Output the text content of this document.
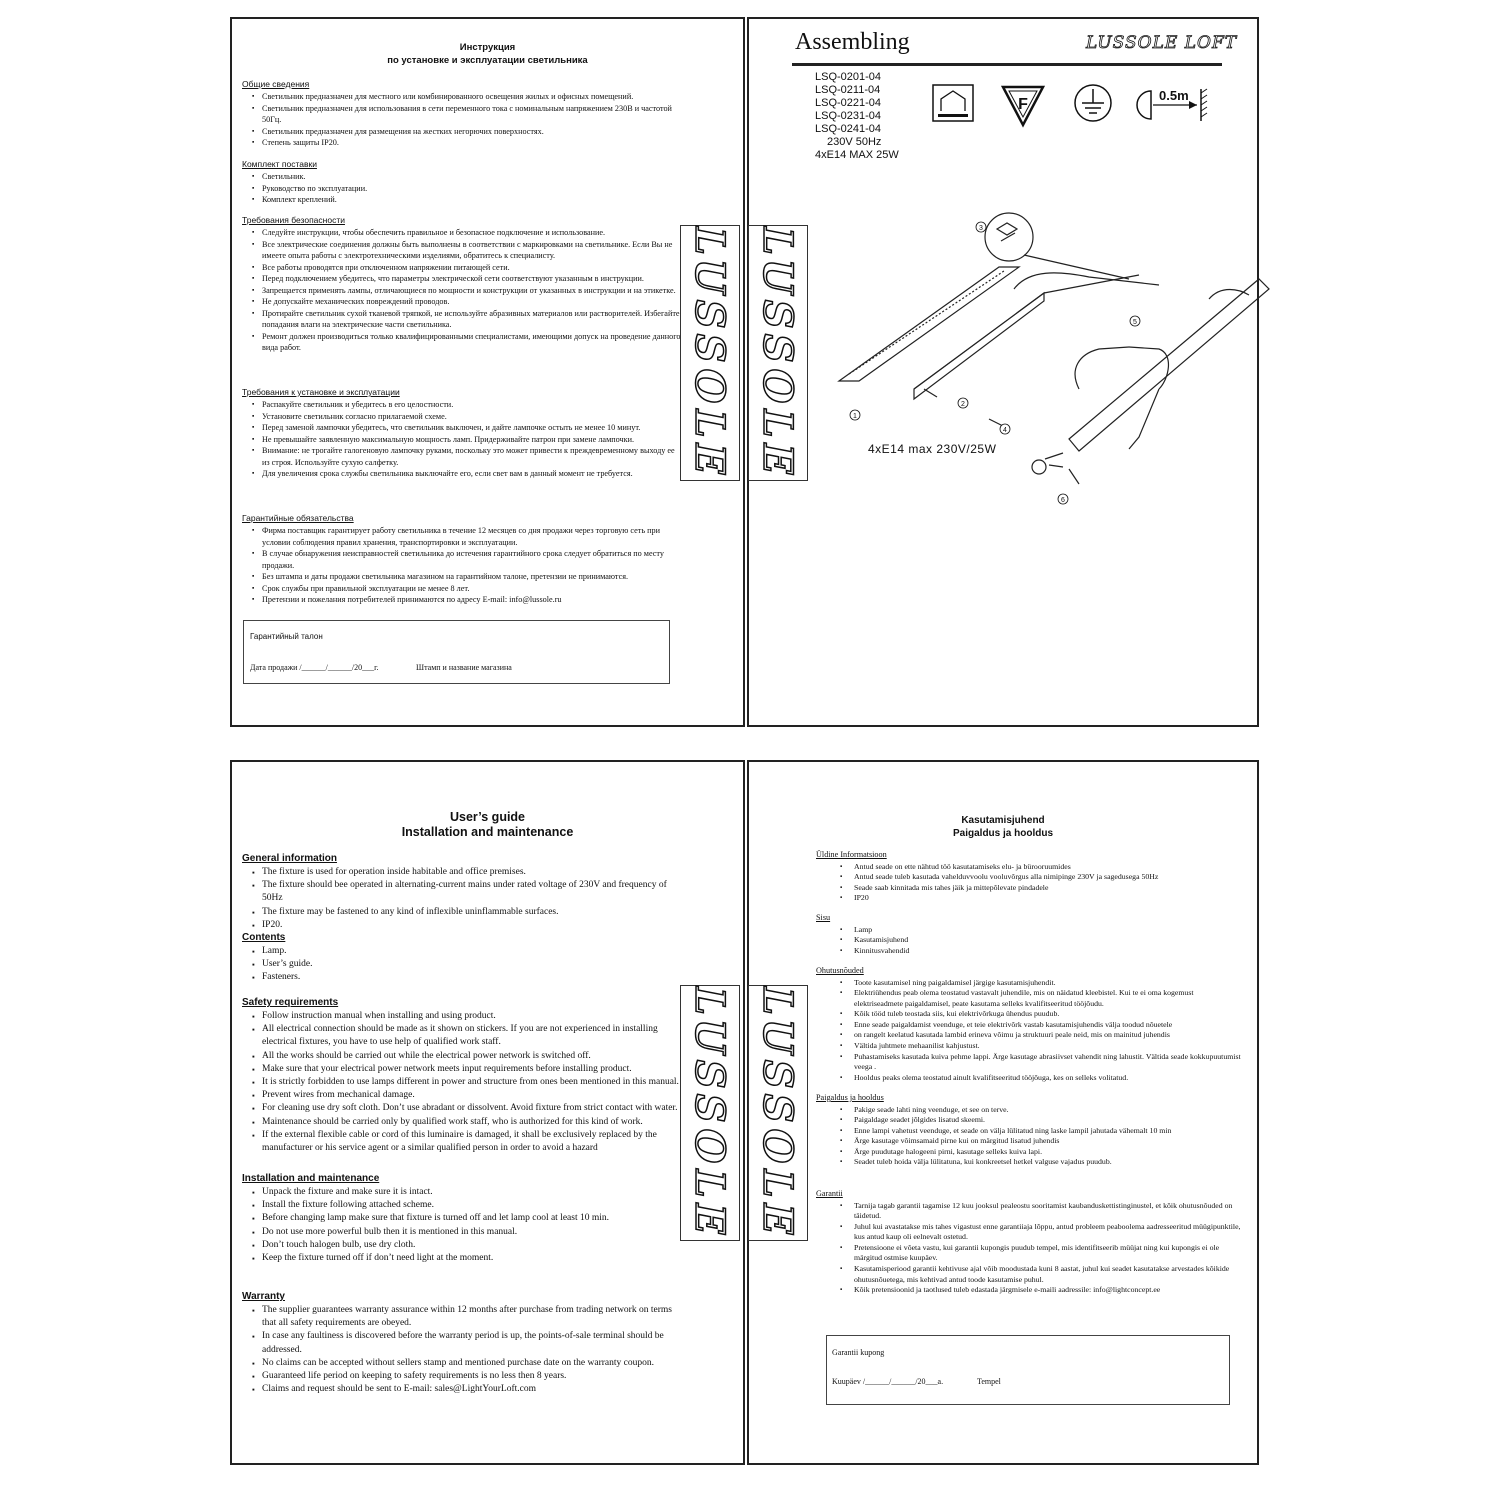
Инструкция
по установке и эксплуатации светильника
Общие сведения
▪ Светильник предназначен для местного или комбинированного освещения жилых и офисных помещений.
▪ Светильник предназначен для использования в сети переменного тока с номинальным напряжением 230В и частотой 50Гц.
▪ Светильник предназначен для размещения на жестких негорючих поверхностях.
▪ Степень защиты IP20.
Комплект поставки
▪ Светильник.
▪ Руководство по эксплуатации.
▪ Комплект креплений.
Требования безопасности
▪ Следуйте инструкции, чтобы обеспечить правильное и безопасное подключение и использование.
▪ Все электрические соединения должны быть выполнены в соответствии с маркировками на светильнике. Если Вы не имеете опыта работы с электротехническими изделиями, обратитесь к специалисту.
▪ Все работы проводятся при отключенном напряжении питающей сети.
▪ Перед подключением убедитесь, что параметры электрической сети соответствуют указанным в инструкции.
▪ Запрещается применять лампы, отличающиеся по мощности и конструкции от указанных в инструкции и на этикетке.
▪ Не допускайте механических повреждений проводов.
▪ Протирайте светильник сухой тканевой тряпкой, не используйте абразивных материалов или растворителей. Избегайте попадания влаги на электрические части светильника.
▪ Ремонт должен производиться только квалифицированными специалистами, имеющими допуск на проведение данного вида работ.
Требования к установке и эксплуатации
▪ Распакуйте светильник и убедитесь в его целостности.
▪ Установите светильник согласно прилагаемой схеме.
▪ Перед заменой лампочки убедитесь, что светильник выключен, и дайте лампочке остыть не менее 10 минут.
▪ Не превышайте заявленную максимальную мощность ламп. Придерживайте патрон при замене лампочки.
▪ Внимание: не трогайте галогеновую лампочку руками, поскольку это может привести к преждевременному выходу ее из строя. Используйте сухую салфетку.
▪ Для увеличения срока службы светильника выключайте его, если свет вам в данный момент не требуется.
Гарантийные обязательства
▪ Фирма поставщик гарантирует работу светильника в течение 12 месяцев со дня продажи через торговую сеть при условии соблюдения правил хранения, транспортировки и эксплуатации.
▪ В случае обнаружения неисправностей светильника до истечения гарантийного срока следует обратиться по месту продажи.
▪ Без штампа и даты продажи светильника магазином на гарантийном талоне, претензии не принимаются.
▪ Срок службы при правильной эксплуатации не менее 8 лет.
▪ Претензии и пожелания потребителей принимаются по адресу E-mail: info@lussole.ru
Гарантийный талон
Дата продажи /______/______/20___г.	Штамп и название магазина
Assembling	LUSSOLE LOFT
LSQ-0201-04
LSQ-0211-04
LSQ-0221-04
LSQ-0231-04
LSQ-0241-04
230V 50Hz
4xE14 MAX 25W
F
0.5m
1
2
3
4
5
6
4xE14 max 230V/25W
LUSSOLE LUSSOLE
User’s guide
Installation and maintenance
General information
▪ The fixture is used for operation inside habitable and office premises.
▪ The fixture should bee operated in alternating-current mains under rated voltage of 230V and frequency of 50Hz
▪ The fixture may be fastened to any kind of inflexible uninflammable surfaces.
▪ IP20.
Contents
▪ Lamp.
▪ User’s guide.
▪ Fasteners.
Safety requirements
▪ Follow instruction manual when installing and using product.
▪ All electrical connection should be made as it shown on stickers. If you are not experienced in installing electrical fixtures, you have to use help of qualified work staff.
▪ All the works should be carried out while the electrical power network is switched off.
▪ Make sure that your electrical power network meets input requirements before installing product.
▪ It is strictly forbidden to use lamps different in power and structure from ones been mentioned in this manual.
▪ Prevent wires from mechanical damage.
▪ For cleaning use dry soft cloth. Don’t use abradant or dissolvent. Avoid fixture from strict contact with water.
▪ Maintenance should be carried only by qualified work staff, who is authorized for this kind of work.
▪ If the external flexible cable or cord of this luminaire is damaged, it shall be exclusively replaced by the manufacturer or his service agent or a similar qualified person in order to avoid a hazard
Installation and maintenance
▪ Unpack the fixture and make sure it is intact.
▪ Install the fixture following attached scheme.
▪ Before changing lamp make sure that fixture is turned off and let lamp cool at least 10 min.
▪ Do not use more powerful bulb then it is mentioned in this manual.
▪ Don’t touch halogen bulb, use dry cloth.
▪ Keep the fixture turned off if don’t need light at the moment.
Warranty
▪ The supplier guarantees warranty assurance within 12 months after purchase from trading network on terms that all safety requirements are obeyed.
▪ In case any faultiness is discovered before the warranty period is up, the points-of-sale terminal should be addressed.
▪ No claims can be accepted without sellers stamp and mentioned purchase date on the warranty coupon.
▪ Guaranteed life period on keeping to safety requirements is no less then 8 years.
▪ Claims and request should be sent to E-mail: sales@LightYourLoft.com
Kasutamisjuhend
Paigaldus ja hooldus
Üldine Informatsioon
▪ Antud seade on ette nähtud töö kasutatamiseks elu- ja bürooruumides
▪ Antud seade tuleb kasutada vahelduvvoolu vooluvõrgus alla nimipinge 230V ja sagedusega 50Hz
▪ Seade saab kinnitada mis tahes jäik ja mittepõlevate pindadele
▪ IP20
Sisu
▪ Lamp
▪ Kasutamisjuhend
▪ Kinnitusvahendid
Ohutusnõuded
▪ Toote kasutamisel ning paigaldamisel järgige kasutamisjuhendit.
▪ Elektriühendus peab olema teostatud vastavalt juhendile, mis on näidatud kleebistel. Kui te ei oma kogemust elektriseadmete paigaldamisel, peate kasutama selleks kvalifitseeritud tööjõudu.
▪ Kõik tööd tuleb teostada siis, kui elektrivõrkuga ühendus puudub.
▪ Enne seade paigaldamist veenduge, et teie elektrivõrk vastab kasutamisjuhendis välja toodud nõuetele
▪ on rangelt keelatud kasutada lambid erineva võimu ja struktuuri peale neid, mis on mainitud juhendis
▪ Vältida juhtmete mehaanilist kahjustust.
▪ Puhastamiseks kasutada kuiva pehme lappi. Ärge kasutage abrasiivset vahendit ning lahustit. Vältida seade kokkupuutumist veega .
▪ Hooldus peaks olema teostatud ainult kvalifitseeritud tööjõuga, kes on selleks volitatud.
Paigaldus ja hooldus
▪ Pakige seade lahti ning veenduge, et see on terve.
▪ Paigaldage seadet jõlgides lisatud skeemi.
▪ Enne lampi vahetust veenduge, et seade on välja lülitatud ning laske lampil jahutada vähemalt 10 min
▪ Ärge kasutage võimsamaid pirne kui on märgitud lisatud juhendis
▪ Ärge puudutage halogeeni pirni, kasutage selleks kuiva lapi.
▪ Seadet tuleb hoida välja lülitatuna, kui konkreetsel hetkel valguse vajadus puudub.
Garantii
▪ Tarnija tagab garantii tagamise 12 kuu jooksul pealeostu sooritamist kaubanduskettistinginustel, et kõik ohutusnõuded on täidetud.
▪ Juhul kui avastatakse mis tahes vigastust enne garantiiaja lõppu, antud probleem peaboolema aadresseeritud müügipunktile, kus antud kaup oli eelnevalt ostetud.
▪ Pretensioone ei võeta vastu, kui garantii kupongis puudub tempel, mis identifitseerib müüjat ning kui kupongis ei ole märgitud ostmise kuupäev.
▪ Kasutamisperiood garantii kehtivuse ajal võib moodustada kuni 8 aastat, juhul kui seadet kasutatakse arvestades kõikide ohutusnõuetega, mis kehtivad antud toode kasutamise puhul.
▪ Kõik pretensioonid ja taotlused tuleb edastada järgmisele e-maili aadressile: info@lightconcept.ee
Garantii kupong
Kuupäev /______/______/20___a.	Tempel
LUSSOLE LUSSOLE
